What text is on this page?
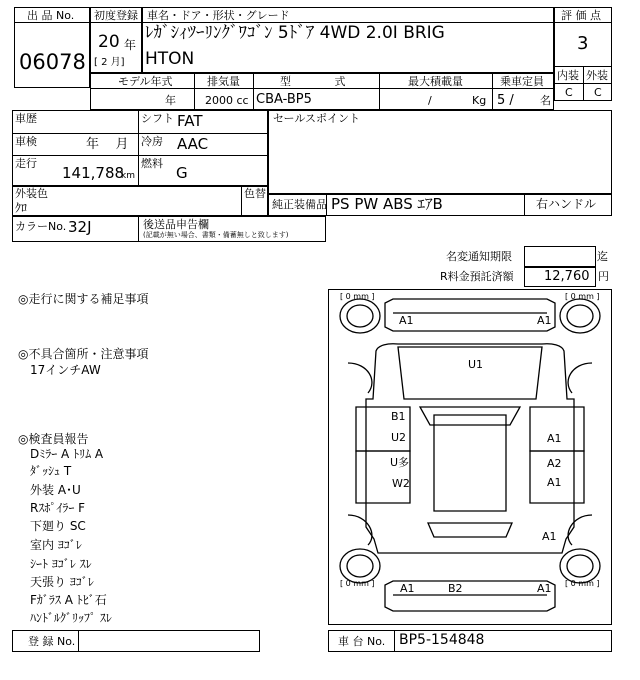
出 品 No.
06078
初度登録
20 年
[ 2 月]
車名・ドア・形状・グレード
ﾚｶﾞｼｨﾂｰﾘﾝｸﾞﾜｺﾞﾝ 5ﾄﾞｱ 4WD 2.0I BRIG
HTON
評 価 点
3
内装 外装
C C
モデル年式
年
排気量
2000 cc
型 式
CBA-BP5
最大積載量
/	Kg
乗車定員
5 / 名
車歴	シフト FAT
車検	年    月 冷房 AAC
走行
141,788
km
燃料
G
セールスポイント
外装色
ｸﾛ
色替
純正装備品 PS PW ABS ｴｱB	右ハンドル
カラーNo. 32J	後送品申告欄
(記載が無い場合、書類・備蓄無しと致します)
名変通知期限	迄
R料金預託済額 12,760 円
◎走行に関する補足事項
◎不具合箇所・注意事項
17インチAW
◎検査員報告
Dﾐﾗｰ A ﾄﾘﾑ A
ﾀﾞｯｼｭ T
外装 A･U
Rｽﾎﾟｲﾗｰ F
下廻り SC
室内 ﾖｺﾞﾚ
ｼｰﾄ ﾖｺﾞﾚ ｽﾚ
天張り ﾖｺﾞﾚ
Fｶﾞﾗｽ A ﾄﾋﾞ石
ﾊﾝﾄﾞﾙｸﾞﾘｯﾌﾟ ｽﾚ
[ 0 mm ]	[ 0 mm ]
[ 0 mm ]	[ 0 mm ]
A1	A1
U1
B1
U2
U多
W2
A1
A2
A1
A1
A1	B2	A1
登 録 No.	車 台 No. BP5-154848
